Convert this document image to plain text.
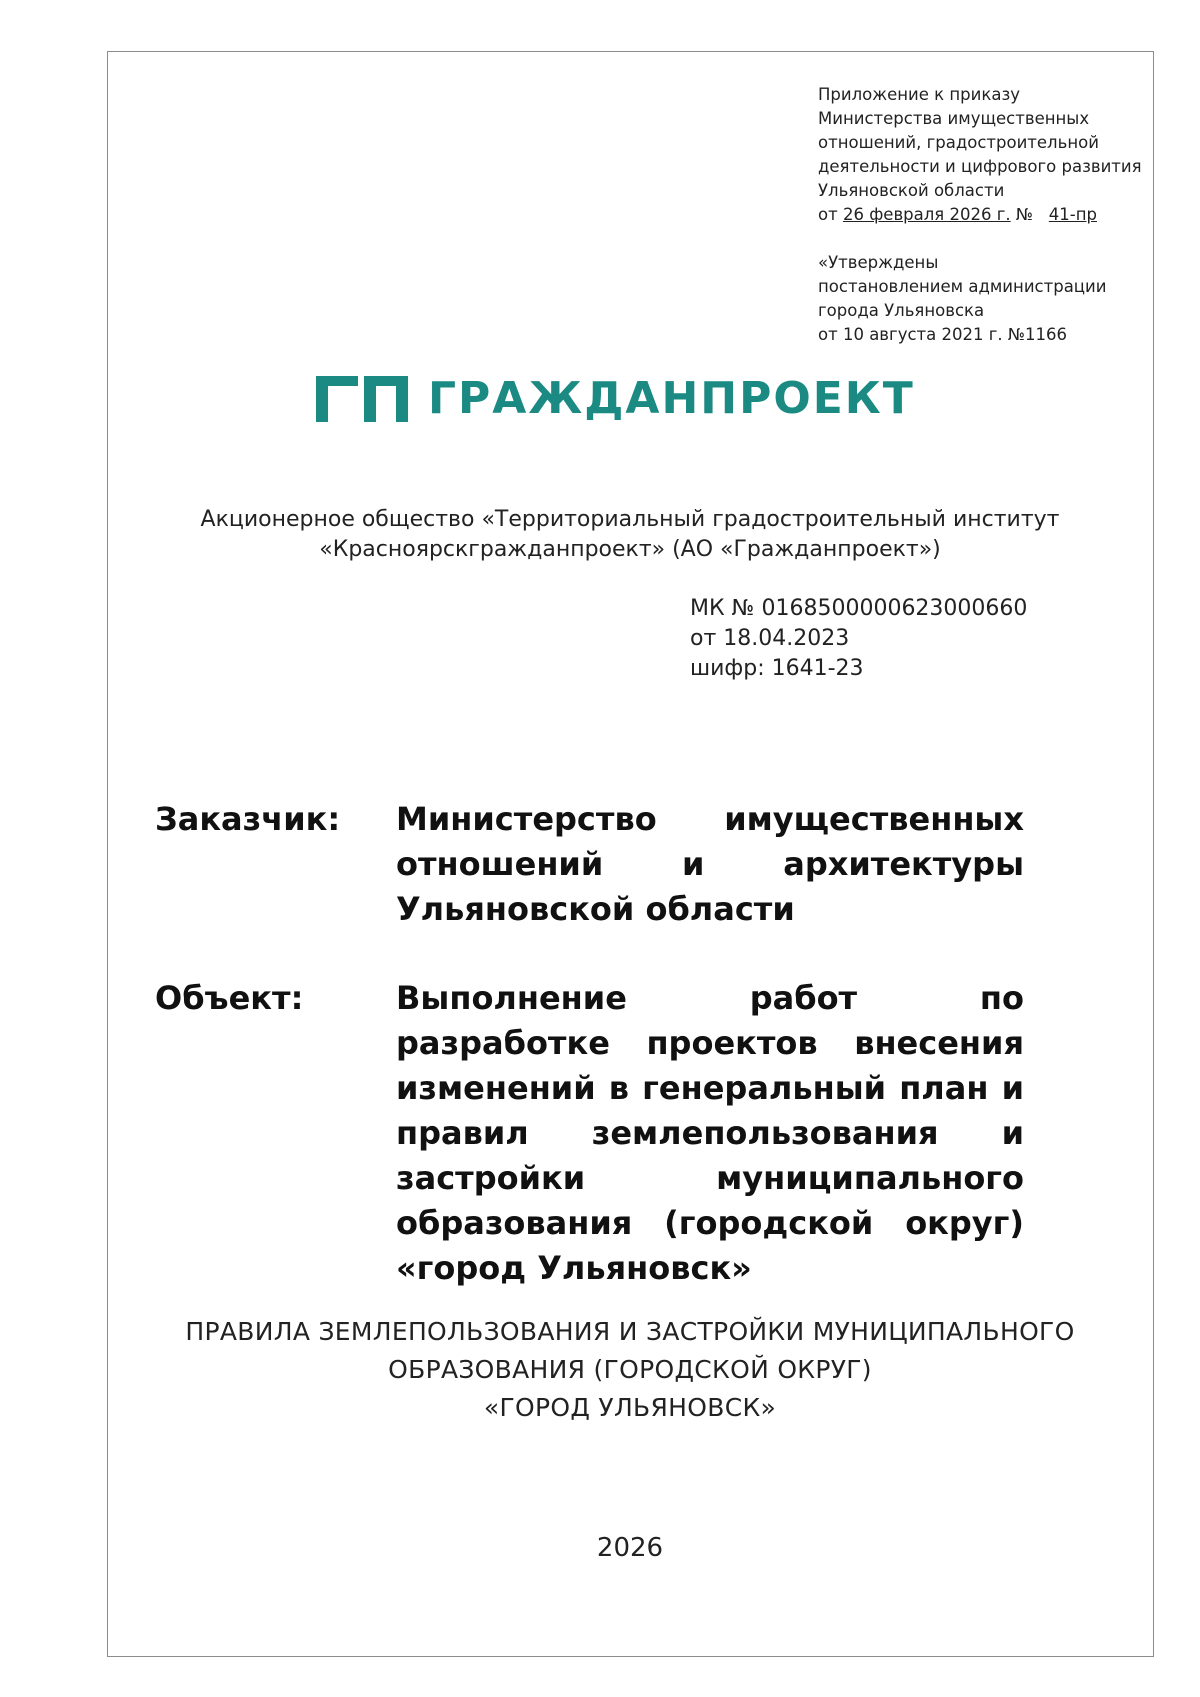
Приложение к приказу
Министерства имущественных
отношений, градостроительной
деятельности и цифрового развития
Ульяновской области
от 26 февраля 2026 г. №   41-пр
«Утверждены
постановлением администрации
города Ульяновска
от 10 августа 2021 г. №1166
ГРАЖДАНПРОЕКТ
Акционерное общество «Территориальный градостроительный институт
«Красноярскгражданпроект» (АО «Гражданпроект»)
МК № 0168500000623000660
от 18.04.2023
шифр: 1641-23
Заказчик: Министерство имущественных
отношений и архитектуры
Ульяновской области
Объект:	Выполнение работ по
разработке проектов внесения
изменений в генеральный план и
правил землепользования и
застройки муниципального
образования (городской округ)
«город Ульяновск»
ПРАВИЛА ЗЕМЛЕПОЛЬЗОВАНИЯ И ЗАСТРОЙКИ МУНИЦИПАЛЬНОГО
ОБРАЗОВАНИЯ (ГОРОДСКОЙ ОКРУГ)
«ГОРОД УЛЬЯНОВСК»
2026
